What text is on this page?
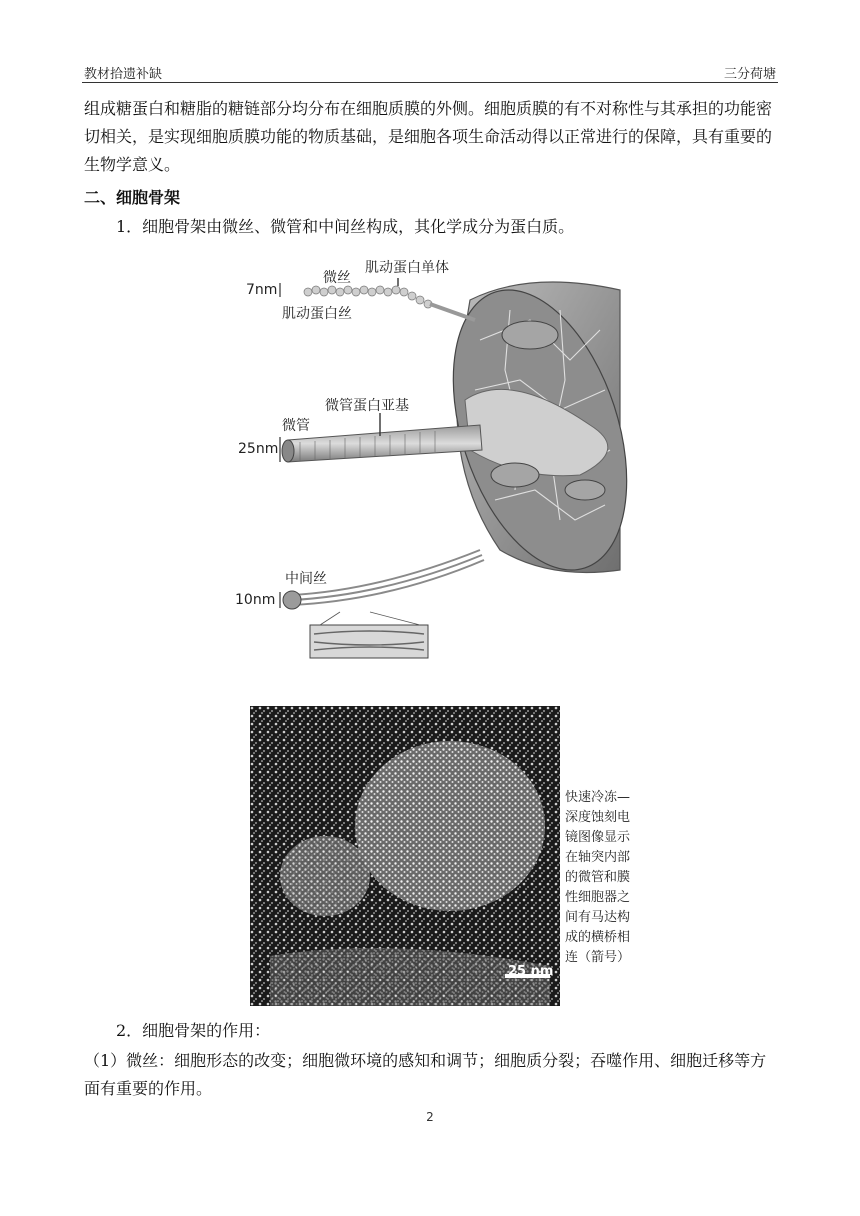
教材拾遗补缺	三分荷塘

组成糖蛋白和糖脂的糖链部分均分布在细胞质膜的外侧。细胞质膜的有不对称性与其承担的功能密切相关，是实现细胞质膜功能的物质基础，是细胞各项生命活动得以正常进行的保障，具有重要的生物学意义。

二、细胞骨架

1．细胞骨架由微丝、微管和中间丝构成，其化学成分为蛋白质。

微丝
肌动蛋白单体
7nm
肌动蛋白丝
微管蛋白亚基
微管
25nm
中间丝
10nm
25 nm
快速冷冻—深度蚀刻电镜图像显示在轴突内部的微管和膜性细胞器之间有马达构成的横桥相连（箭号）

2．细胞骨架的作用：

（1）微丝：细胞形态的改变；细胞微环境的感知和调节；细胞质分裂；吞噬作用、细胞迁移等方面有重要的作用。

2
